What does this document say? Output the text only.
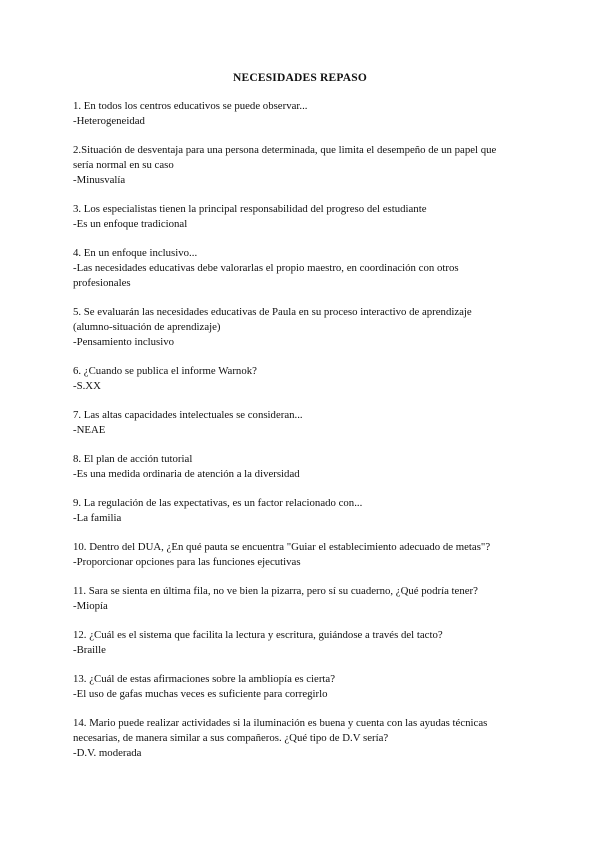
NECESIDADES REPASO
1. En todos los centros educativos se puede observar...
-Heterogeneidad
2.Situación de desventaja para una persona determinada, que limita el desempeño de un papel que
sería normal en su caso
-Minusvalía
3. Los especialistas tienen la principal responsabilidad del progreso del estudiante
-Es un enfoque tradicional
4. En un enfoque inclusivo...
-Las necesidades educativas debe valorarlas el propio maestro, en coordinación con otros
profesionales
5. Se evaluarán las necesidades educativas de Paula en su proceso interactivo de aprendizaje
(alumno-situación de aprendizaje)
-Pensamiento inclusivo
6. ¿Cuando se publica el informe Warnok?
-S.XX
7. Las altas capacidades intelectuales se consideran...
-NEAE
8. El plan de acción tutorial
-Es una medida ordinaria de atención a la diversidad
9. La regulación de las expectativas, es un factor relacionado con...
-La familia
10. Dentro del DUA, ¿En qué pauta se encuentra "Guiar el establecimiento adecuado de metas"?
-Proporcionar opciones para las funciones ejecutivas
11. Sara se sienta en última fila, no ve bien la pizarra, pero sí su cuaderno, ¿Qué podría tener?
-Miopía
12. ¿Cuál es el sistema que facilita la lectura y escritura, guiándose a través del tacto?
-Braille
13. ¿Cuál de estas afirmaciones sobre la ambliopía es cierta?
-El uso de gafas muchas veces es suficiente para corregirlo
14. Mario puede realizar actividades si la iluminación es buena y cuenta con las ayudas técnicas
necesarias, de manera similar a sus compañeros. ¿Qué tipo de D.V sería?
-D.V. moderada
